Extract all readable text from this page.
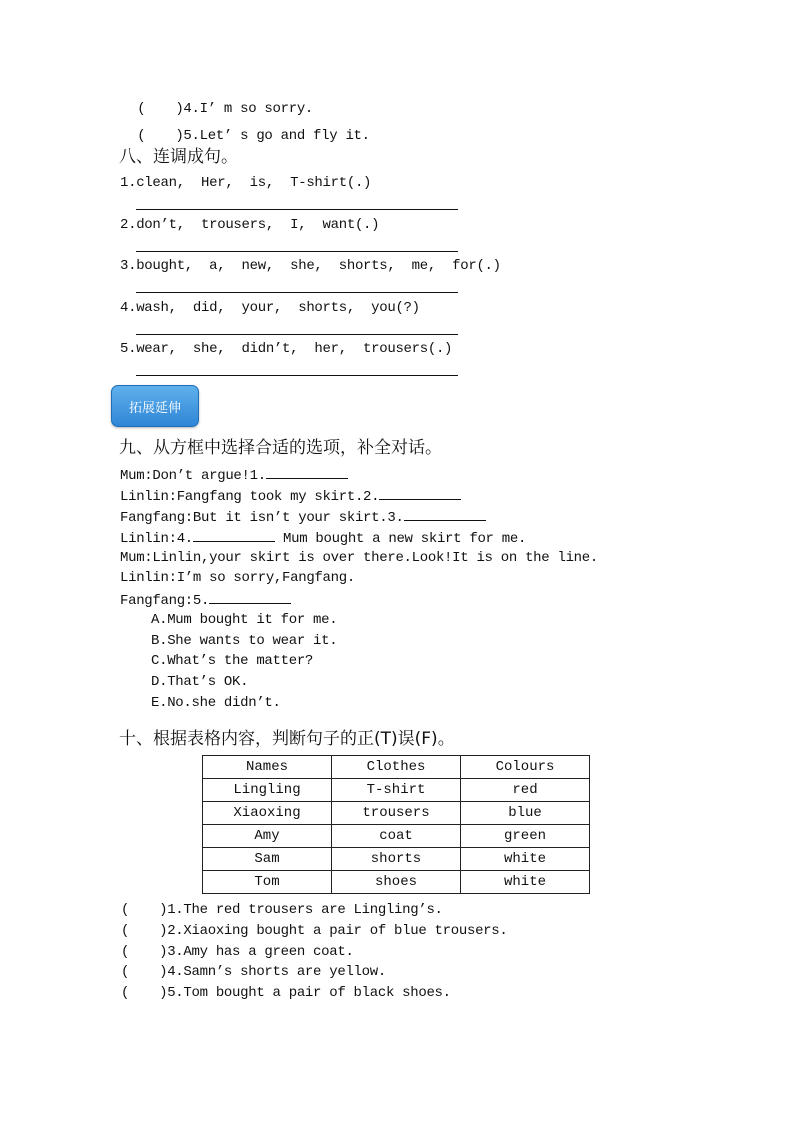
( )4.I’ m so sorry.

( )5.Let’ s go and fly it.

八、连调成句。
1.clean,  Her,  is,  T-shirt(.)
2.don’t,  trousers,  I,  want(.)
3.bought,  a,  new,  she,  shorts,  me,  for(.)
4.wash,  did,  your,  shorts,  you(?)
5.wear,  she,  didn’t,  her,  trousers(.)
拓展延伸
九、从方框中选择合适的选项，补全对话。
Mum:Don’t argue!1.
Linlin:Fangfang took my skirt.2.
Fangfang:But it isn’t your skirt.3.
Linlin:4.	Mum bought a new skirt for me.
Mum:Linlin,your skirt is over there.Look!It is on the line.
Linlin:I’m so sorry,Fangfang.
Fangfang:5.
A.Mum bought it for me.
B.She wants to wear it.
C.What’s the matter?
D.That’s OK.
E.No.she didn’t.
十、根据表格内容，判断句子的正(T)误(F)。
Names	Clothes	Colours
Lingling	T-shirt	red
Xiaoxing	trousers	blue
Amy	coat	green
Sam	shorts	white
Tom	shoes	white
( )1.The red trousers are Lingling’s.
( )2.Xiaoxing bought a pair of blue trousers.
( )3.Amy has a green coat.
( )4.Samn’s shorts are yellow.
( )5.Tom bought a pair of black shoes.
